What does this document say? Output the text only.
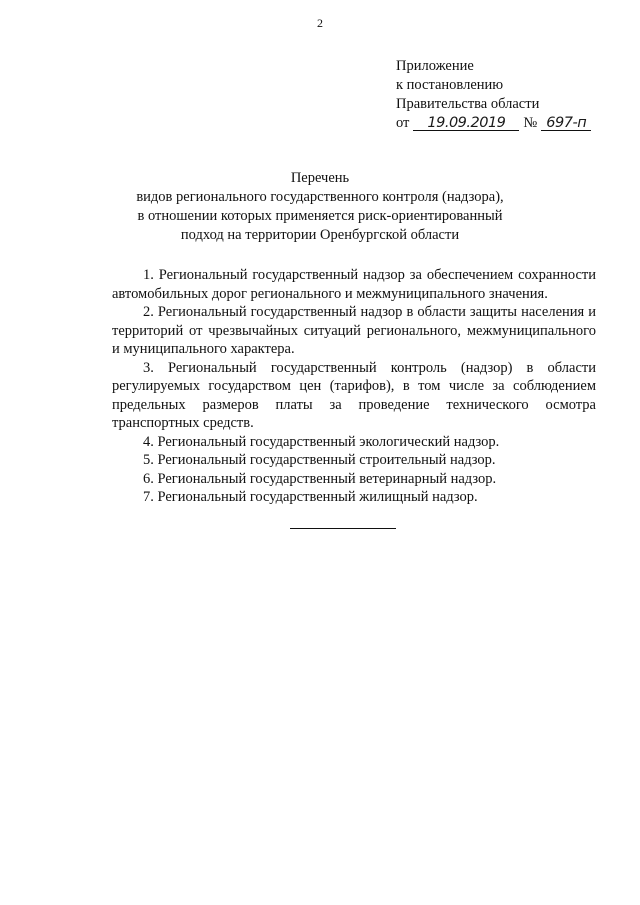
2
Приложение
к постановлению
Правительства области
от 19.09.2019 № 697-п
Перечень
видов регионального государственного контроля (надзора),
в отношении которых применяется риск-ориентированный
подход на территории Оренбургской области

1. Региональный государственный надзор за обеспечением сохранности автомобильных дорог регионального и межмуниципального значения.

2. Региональный государственный надзор в области защиты населения и территорий от чрезвычайных ситуаций регионального, межмуниципального и муниципального характера.

3. Региональный государственный контроль (надзор) в области регулируемых государством цен (тарифов), в том числе за соблюдением предельных размеров платы за проведение технического осмотра транспортных средств.

4. Региональный государственный экологический надзор.

5. Региональный государственный строительный надзор.

6. Региональный государственный ветеринарный надзор.

7. Региональный государственный жилищный надзор.
